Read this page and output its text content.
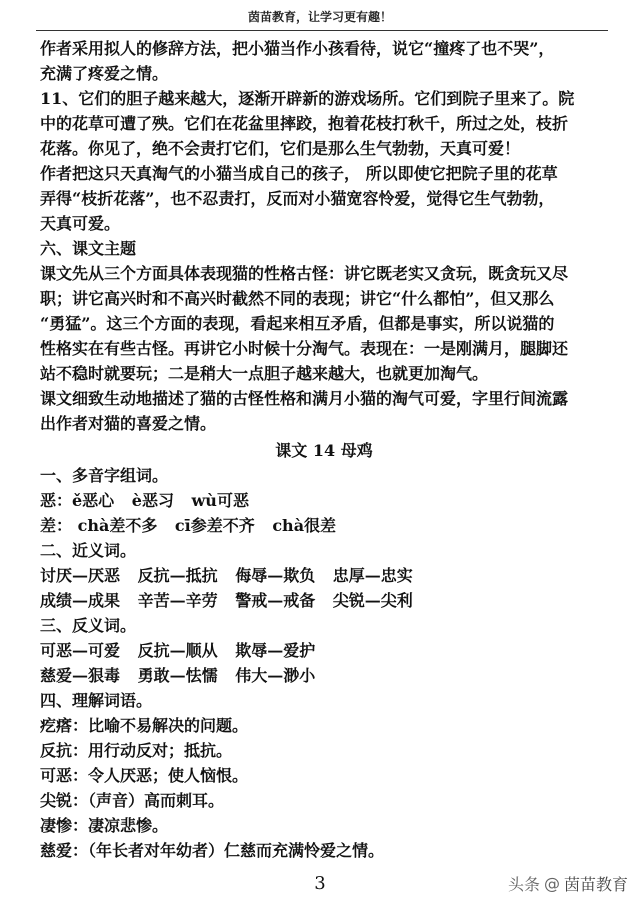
茵苗教育，让学习更有趣！
作者采用拟人的修辞方法，把小猫当作小孩看待，说它“撞疼了也不哭”，
充满了疼爱之情。
11、它们的胆子越来越大，逐渐开辟新的游戏场所。它们到院子里来了。院
中的花草可遭了殃。它们在花盆里摔跤，抱着花枝打秋千，所过之处，枝折
花落。你见了，绝不会责打它们，它们是那么生气勃勃，天真可爱！
作者把这只天真淘气的小猫当成自己的孩子， 所以即使它把院子里的花草
弄得“枝折花落”，也不忍责打，反而对小猫宽容怜爱，觉得它生气勃勃，
天真可爱。
六、课文主题
课文先从三个方面具体表现猫的性格古怪：讲它既老实又贪玩，既贪玩又尽
职；讲它高兴时和不高兴时截然不同的表现；讲它“什么都怕”，但又那么
“勇猛”。这三个方面的表现，看起来相互矛盾，但都是事实，所以说猫的
性格实在有些古怪。再讲它小时候十分淘气。表现在：一是刚满月，腿脚还
站不稳时就要玩；二是稍大一点胆子越来越大，也就更加淘气。
课文细致生动地描述了猫的古怪性格和满月小猫的淘气可爱，字里行间流露
出作者对猫的喜爱之情。
课文 14 母鸡
一、多音字组词。
恶：ě恶心 è恶习 wù可恶
差： chà差不多 cī参差不齐 chà很差
二、近义词。
讨厌—厌恶 反抗—抵抗 侮辱—欺负 忠厚—忠实
成绩—成果 辛苦—辛劳 警戒—戒备 尖锐—尖利
三、反义词。
可恶—可爱 反抗—顺从 欺辱—爱护
慈爱—狠毒 勇敢—怯懦 伟大—渺小
四、理解词语。
疙瘩：比喻不易解决的问题。
反抗：用行动反对；抵抗。
可恶：令人厌恶；使人恼恨。
尖锐：（声音）高而刺耳。
凄惨：凄凉悲惨。
慈爱：（年长者对年幼者）仁慈而充满怜爱之情。
3	头条 @ 茵苗教育
